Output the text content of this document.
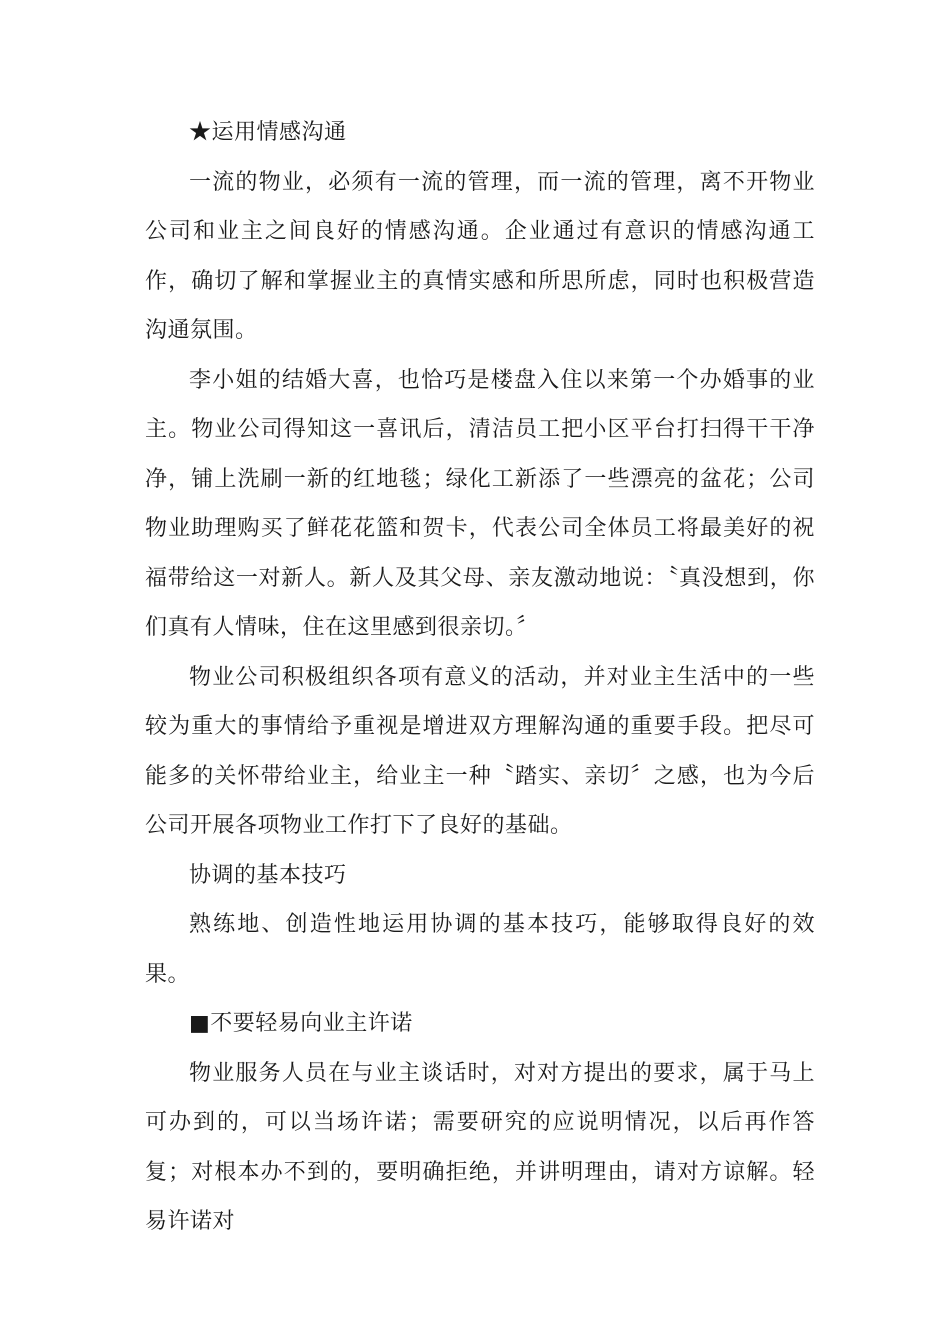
★运用情感沟通

一流的物业，必须有一流的管理，而一流的管理，离不开物业公司和业主之间良好的情感沟通。企业通过有意识的情感沟通工作，确切了解和掌握业主的真情实感和所思所虑，同时也积极营造沟通氛围。

李小姐的结婚大喜，也恰巧是楼盘入住以来第一个办婚事的业主。物业公司得知这一喜讯后，清洁员工把小区平台打扫得干干净净，铺上洗刷一新的红地毯；绿化工新添了一些漂亮的盆花；公司物业助理购买了鲜花花篮和贺卡，代表公司全体员工将最美好的祝福带给这一对新人。新人及其父母、亲友激动地说：〝真没想到，你们真有人情味，住在这里感到很亲切。〞

物业公司积极组织各项有意义的活动，并对业主生活中的一些较为重大的事情给予重视是增进双方理解沟通的重要手段。把尽可能多的关怀带给业主，给业主一种〝踏实、亲切〞之感，也为今后公司开展各项物业工作打下了良好的基础。

协调的基本技巧

熟练地、创造性地运用协调的基本技巧，能够取得良好的效果。

■不要轻易向业主许诺

物业服务人员在与业主谈话时，对对方提出的要求，属于马上可办到的，可以当场许诺；需要研究的应说明情况，以后再作答复；对根本办不到的，要明确拒绝，并讲明理由，请对方谅解。轻易许诺对
